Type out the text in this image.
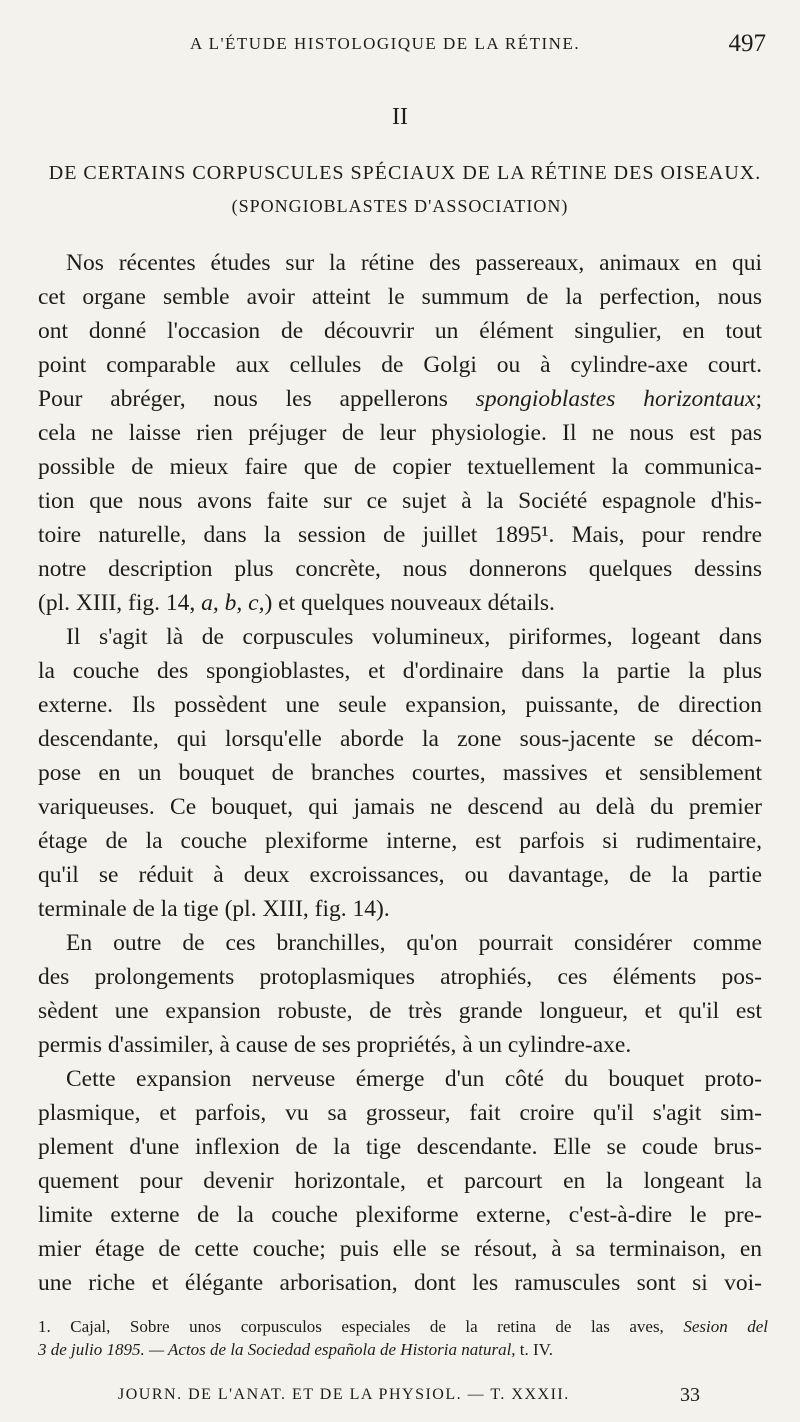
A L'ÉTUDE HISTOLOGIQUE DE LA RÉTINE.	497
II
DE CERTAINS CORPUSCULES SPÉCIAUX DE LA RÉTINE DES OISEAUX.
(SPONGIOBLASTES D'ASSOCIATION)
Nos récentes études sur la rétine des passereaux, animaux en qui
cet organe semble avoir atteint le summum de la perfection, nous
ont donné l'occasion de découvrir un élément singulier, en tout
point comparable aux cellules de Golgi ou à cylindre-axe court.
Pour abréger, nous les appellerons spongioblastes horizontaux;
cela ne laisse rien préjuger de leur physiologie. Il ne nous est pas
possible de mieux faire que de copier textuellement la communica-
tion que nous avons faite sur ce sujet à la Société espagnole d'his-
toire naturelle, dans la session de juillet 1895¹. Mais, pour rendre
notre description plus concrète, nous donnerons quelques dessins
(pl. XIII, fig. 14, a, b, c,) et quelques nouveaux détails.
Il s'agit là de corpuscules volumineux, piriformes, logeant dans
la couche des spongioblastes, et d'ordinaire dans la partie la plus
externe. Ils possèdent une seule expansion, puissante, de direction
descendante, qui lorsqu'elle aborde la zone sous-jacente se décom-
pose en un bouquet de branches courtes, massives et sensiblement
variqueuses. Ce bouquet, qui jamais ne descend au delà du premier
étage de la couche plexiforme interne, est parfois si rudimentaire,
qu'il se réduit à deux excroissances, ou davantage, de la partie
terminale de la tige (pl. XIII, fig. 14).
En outre de ces branchilles, qu'on pourrait considérer comme
des prolongements protoplasmiques atrophiés, ces éléments pos-
sèdent une expansion robuste, de très grande longueur, et qu'il est
permis d'assimiler, à cause de ses propriétés, à un cylindre-axe.
Cette expansion nerveuse émerge d'un côté du bouquet proto-
plasmique, et parfois, vu sa grosseur, fait croire qu'il s'agit sim-
plement d'une inflexion de la tige descendante. Elle se coude brus-
quement pour devenir horizontale, et parcourt en la longeant la
limite externe de la couche plexiforme externe, c'est-à-dire le pre-
mier étage de cette couche; puis elle se résout, à sa terminaison, en
une riche et élégante arborisation, dont les ramuscules sont si voi-
1. Cajal, Sobre unos corpusculos especiales de la retina de las aves, Sesion del
3 de julio 1895. — Actos de la Sociedad española de Historia natural, t. IV.
JOURN. DE L'ANAT. ET DE LA PHYSIOL. — T. XXXII.	33
